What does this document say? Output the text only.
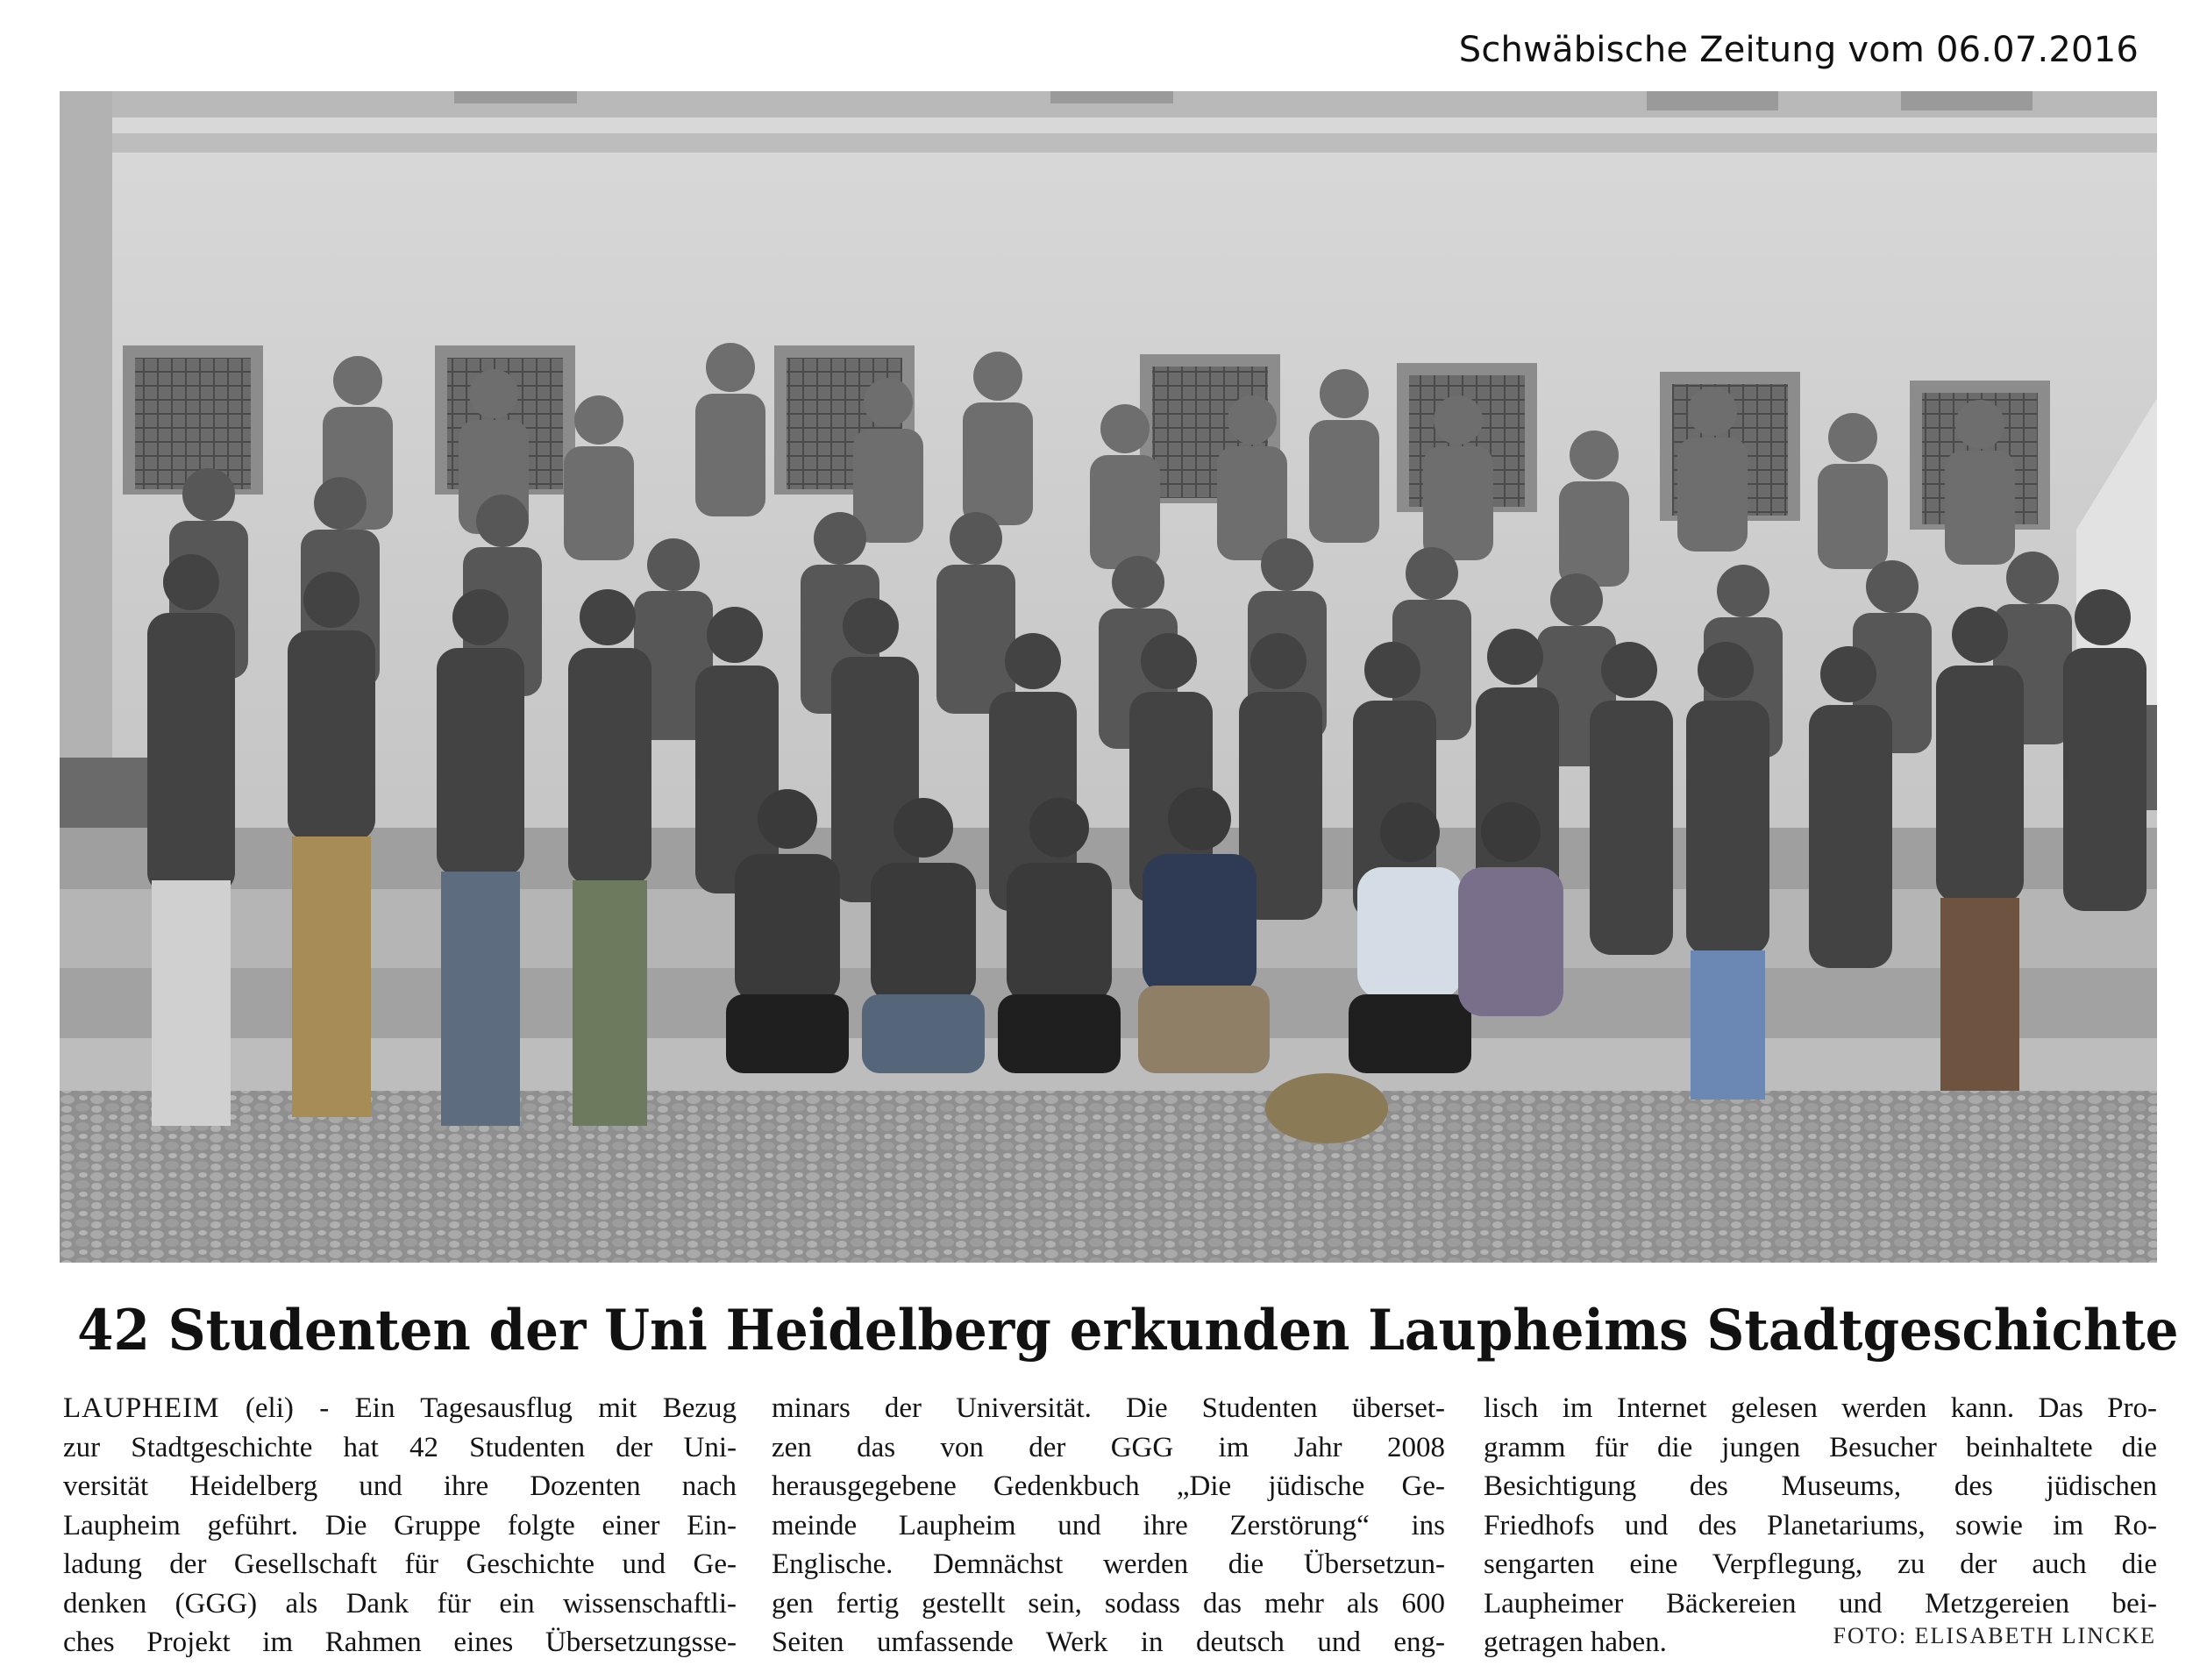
Schwäbische Zeitung vom 06.07.2016
42 Studenten der Uni Heidelberg erkunden Laupheims Stadtgeschichte

LAUPHEIM (eli) - Ein Tagesausflug mit Bezug

zur Stadtgeschichte hat 42 Studenten der Uni-

versität Heidelberg und ihre Dozenten nach

Laupheim geführt. Die Gruppe folgte einer Ein-

ladung der Gesellschaft für Geschichte und Ge-

denken (GGG) als Dank für ein wissenschaftli-

ches Projekt im Rahmen eines Übersetzungsse-

minars der Universität. Die Studenten überset-

zen das von der GGG im Jahr 2008

herausgegebene Gedenkbuch „Die jüdische Ge-

meinde Laupheim und ihre Zerstörung“ ins

Englische. Demnächst werden die Übersetzun-

gen fertig gestellt sein, sodass das mehr als 600

Seiten umfassende Werk in deutsch und eng-

lisch im Internet gelesen werden kann. Das Pro-

gramm für die jungen Besucher beinhaltete die

Besichtigung des Museums, des jüdischen

Friedhofs und des Planetariums, sowie im Ro-

sengarten eine Verpflegung, zu der auch die

Laupheimer Bäckereien und Metzgereien bei-

getragen haben.	FOTO: ELISABETH LINCKE
